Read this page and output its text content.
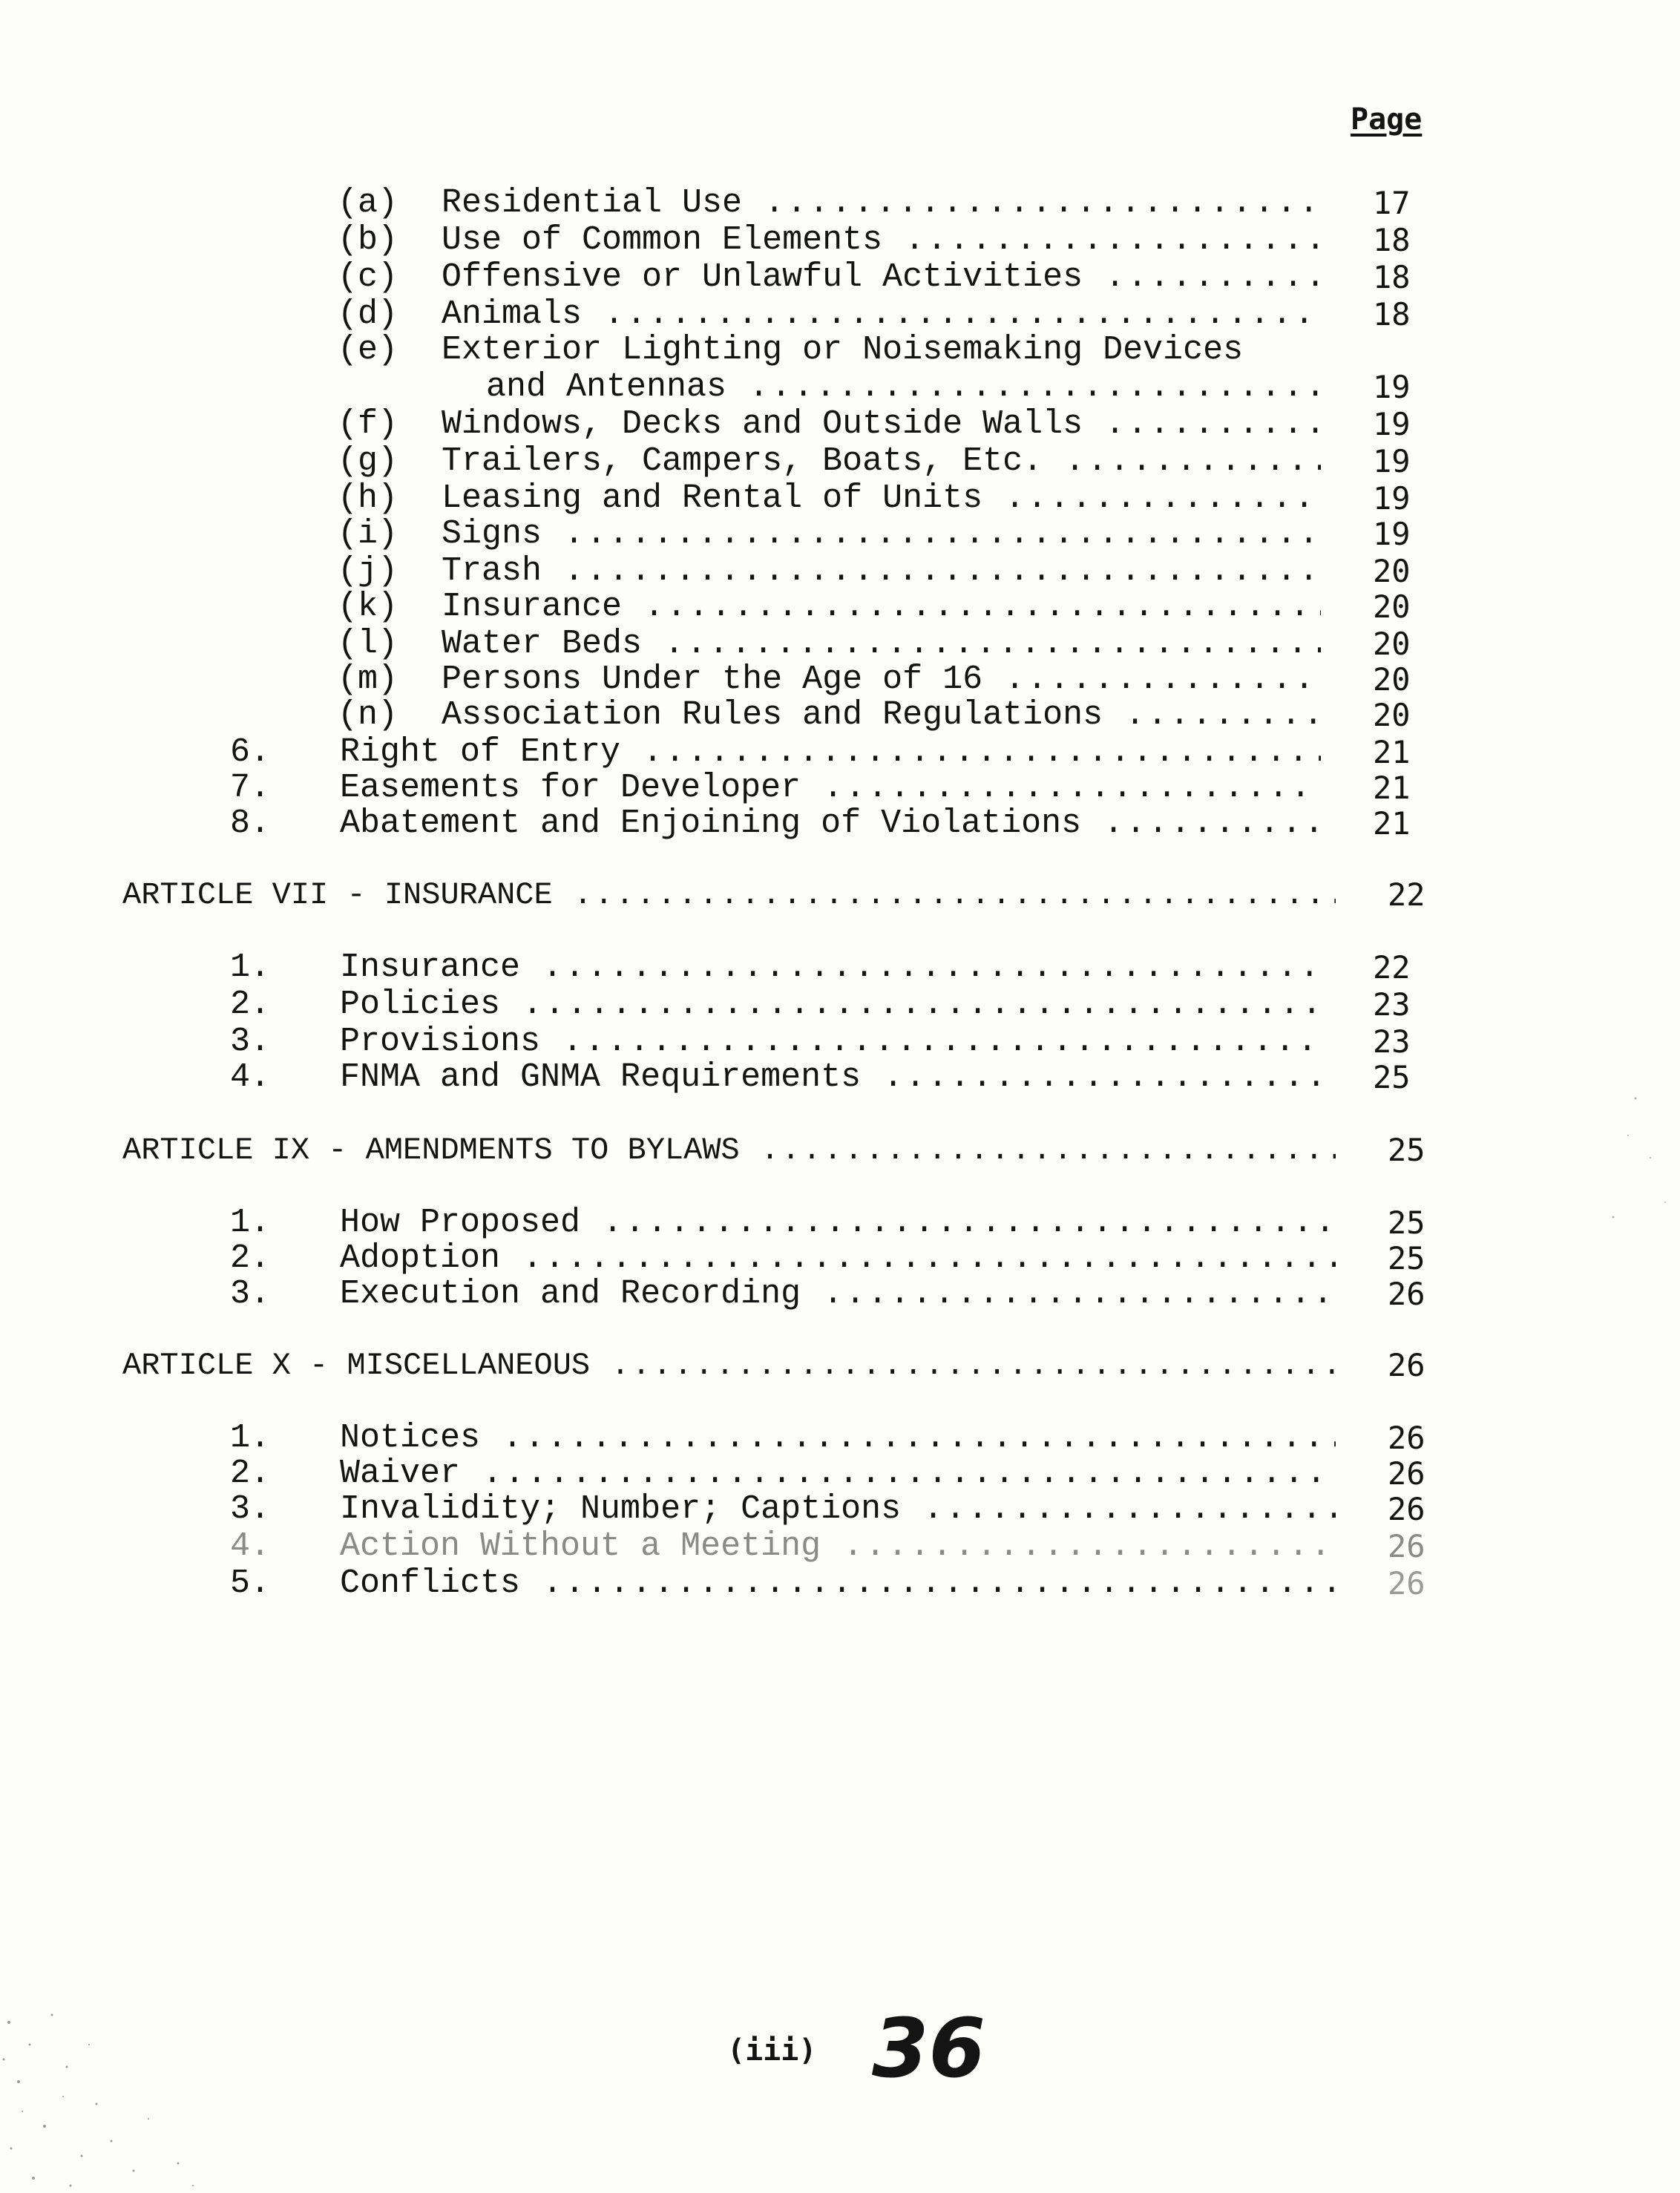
Page
(a) Residential Use .....	17
(b) Use of Common Elements .....	18
(c) Offensive or Unlawful Activities .....	18
(d) Animals .....	18
(e) Exterior Lighting or Noisemaking Devices
and Antennas .....	19
(f) Windows, Decks and Outside Walls .....	19
(g) Trailers, Campers, Boats, Etc. .....	19
(h) Leasing and Rental of Units .....	19
(i) Signs .....	19
(j) Trash .....	20
(k) Insurance .....	20
(l) Water Beds .....	20
(m) Persons Under the Age of 16 .....	20
(n) Association Rules and Regulations .....	20
6. Right of Entry .....	21
7. Easements for Developer .....	21
8. Abatement and Enjoining of Violations .....	21
ARTICLE VII - INSURANCE .....	22
1. Insurance .....	22
2. Policies .....	23
3. Provisions .....	23
4. FNMA and GNMA Requirements .....	25
ARTICLE IX - AMENDMENTS TO BYLAWS .....	25
1. How Proposed .....	25
2. Adoption .....	25
3. Execution and Recording .....	26
ARTICLE X - MISCELLANEOUS .....	26
1. Notices .....	26
2. Waiver .....	26
3. Invalidity; Number; Captions .....	26
4. Action Without a Meeting .....	26
5. Conflicts .....	26
(iii) 36
